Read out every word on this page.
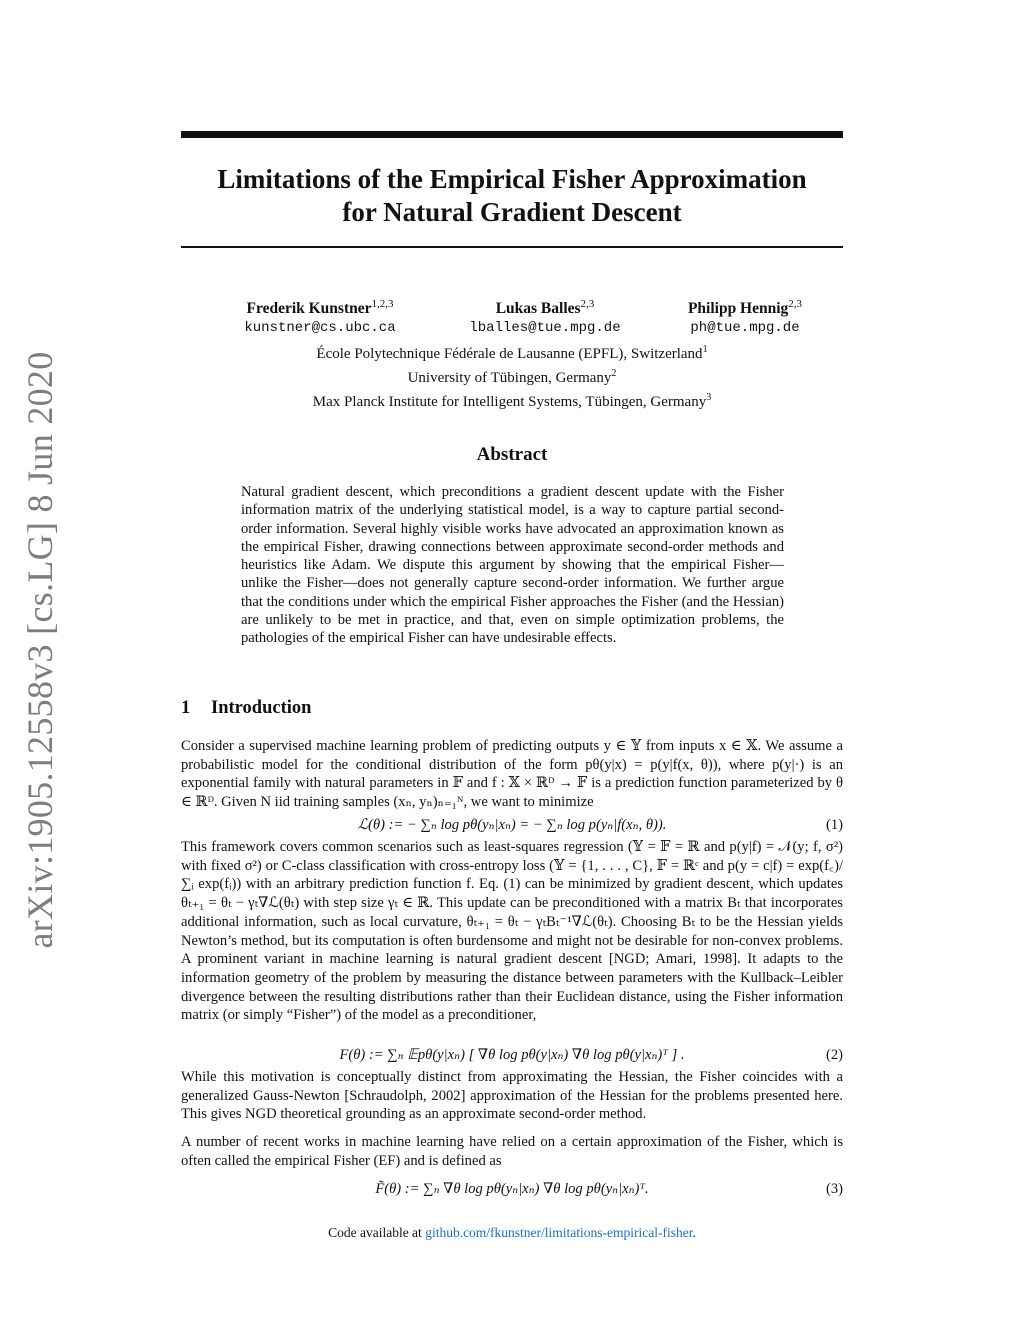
arXiv:1905.12558v3 [cs.LG] 8 Jun 2020
Limitations of the Empirical Fisher Approximation
for Natural Gradient Descent
Frederik Kunstner$^{1,2,3}$
kunstner@cs.ubc.ca
Lukas Balles$^{2,3}$
lballes@tue.mpg.de
Philipp Hennig$^{2,3}$
ph@tue.mpg.de
École Polytechnique Fédérale de Lausanne (EPFL), Switzerland$^1$
University of Tübingen, Germany$^2$
Max Planck Institute for Intelligent Systems, Tübingen, Germany$^3$
Abstract
Natural gradient descent, which preconditions a gradient descent update with the Fisher information matrix of the underlying statistical model, is a way to capture partial second-order information. Several highly visible works have advocated an approximation known as the empirical Fisher, drawing connections between approximate second-order methods and heuristics like Adam. We dispute this argument by showing that the empirical Fisher—unlike the Fisher—does not generally capture second-order information. We further argue that the conditions under which the empirical Fisher approaches the Fisher (and the Hessian) are unlikely to be met in practice, and that, even on simple optimization problems, the pathologies of the empirical Fisher can have undesirable effects.
1 Introduction
Consider a supervised machine learning problem of predicting outputs y ∈ 𝕐 from inputs x ∈ 𝕏. We assume a probabilistic model for the conditional distribution of the form pθ(y|x) = p(y|f(x, θ)), where p(y|·) is an exponential family with natural parameters in 𝔽 and f : 𝕏 × ℝᴰ → 𝔽 is a prediction function parameterized by θ ∈ ℝᴰ. Given N iid training samples (xₙ, yₙ)ₙ₌₁ᴺ, we want to minimize
ℒ(θ) := − ∑ₙ log pθ(yₙ|xₙ) = − ∑ₙ log p(yₙ|f(xₙ, θ)).	(1)
This framework covers common scenarios such as least-squares regression (𝕐 = 𝔽 = ℝ and p(y|f) = 𝒩(y; f, σ²) with fixed σ²) or C-class classification with cross-entropy loss (𝕐 = {1, . . . , C}, 𝔽 = ℝᶜ and p(y = c|f) = exp(f꜀)/∑ᵢ exp(fᵢ)) with an arbitrary prediction function f. Eq. (1) can be minimized by gradient descent, which updates θₜ₊₁ = θₜ − γₜ∇ℒ(θₜ) with step size γₜ ∈ ℝ. This update can be preconditioned with a matrix Bₜ that incorporates additional information, such as local curvature, θₜ₊₁ = θₜ − γₜBₜ⁻¹∇ℒ(θₜ). Choosing Bₜ to be the Hessian yields Newton’s method, but its computation is often burdensome and might not be desirable for non-convex problems. A prominent variant in machine learning is natural gradient descent [NGD; Amari, 1998]. It adapts to the information geometry of the problem by measuring the distance between parameters with the Kullback–Leibler divergence between the resulting distributions rather than their Euclidean distance, using the Fisher information matrix (or simply “Fisher”) of the model as a preconditioner,
F(θ) := ∑ₙ 𝔼pθ(y|xₙ) [ ∇θ log pθ(y|xₙ) ∇θ log pθ(y|xₙ)ᵀ ] .	(2)
While this motivation is conceptually distinct from approximating the Hessian, the Fisher coincides with a generalized Gauss-Newton [Schraudolph, 2002] approximation of the Hessian for the problems presented here. This gives NGD theoretical grounding as an approximate second-order method.
A number of recent works in machine learning have relied on a certain approximation of the Fisher, which is often called the empirical Fisher (EF) and is defined as
F̃(θ) := ∑ₙ ∇θ log pθ(yₙ|xₙ) ∇θ log pθ(yₙ|xₙ)ᵀ.	(3)
Code available at github.com/fkunstner/limitations-empirical-fisher.
